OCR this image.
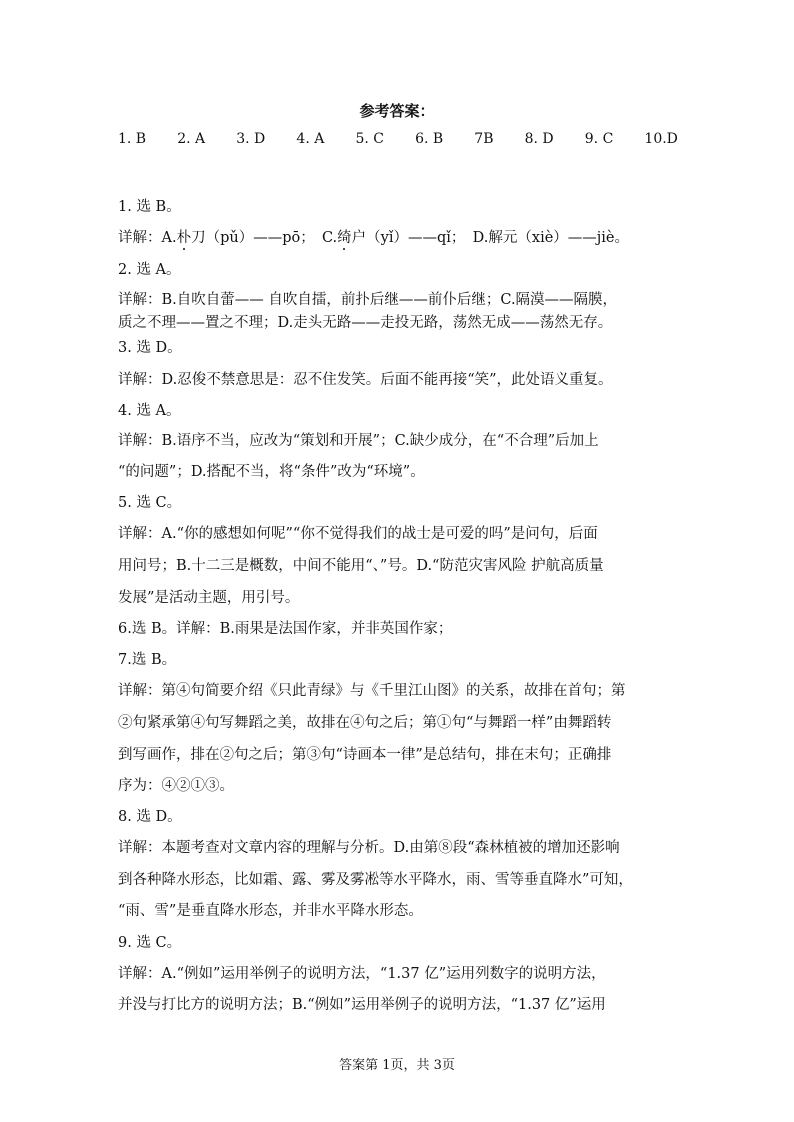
参考答案：
1. B 2. A 3. D 4. A 5. C 6. B 7B 8. D 9. C 10.D
1. 选 B。
详解：A.朴刀（pǔ）——pō；　C.绮户（yǐ）——qǐ；　D.解元（xiè）——jiè。
2. 选 A。
详解：B.自吹自蕾—— 自吹自擂，前扑后继——前仆后继；C.隔漠——隔膜，
质之不理——置之不理；D.走头无路——走投无路，荡然无成——荡然无存。
3. 选 D。
详解：D.忍俊不禁意思是：忍不住发笑。后面不能再接“笑”，此处语义重复。
4. 选 A。
详解：B.语序不当，应改为“策划和开展”；C.缺少成分，在“不合理”后加上
“的问题”；D.搭配不当，将“条件”改为“环境”。
5. 选 C。
详解：A.“你的感想如何呢”“你不觉得我们的战士是可爱的吗”是问句，后面
用问号；B.十二三是概数，中间不能用“、”号。D.“防范灾害风险 护航高质量
发展”是活动主题，用引号。
6.选 B。详解：B.雨果是法国作家，并非英国作家；
7.选 B。
详解：第④句简要介绍《只此青绿》与《千里江山图》的关系，故排在首句；第
②句紧承第④句写舞蹈之美，故排在④句之后；第①句“与舞蹈一样”由舞蹈转
到写画作，排在②句之后；第③句“诗画本一律”是总结句，排在末句；正确排
序为：④②①③。
8. 选 D。
详解：本题考查对文章内容的理解与分析。D.由第⑧段“森林植被的增加还影响
到各种降水形态，比如霜、露、雾及雾凇等水平降水，雨、雪等垂直降水”可知，
“雨、雪”是垂直降水形态，并非水平降水形态。
9. 选 C。
详解：A.“例如”运用举例子的说明方法，“1.37 亿”运用列数字的说明方法，
并没与打比方的说明方法；B.“例如”运用举例子的说明方法，“1.37 亿”运用
答案第 1页，共 3页
